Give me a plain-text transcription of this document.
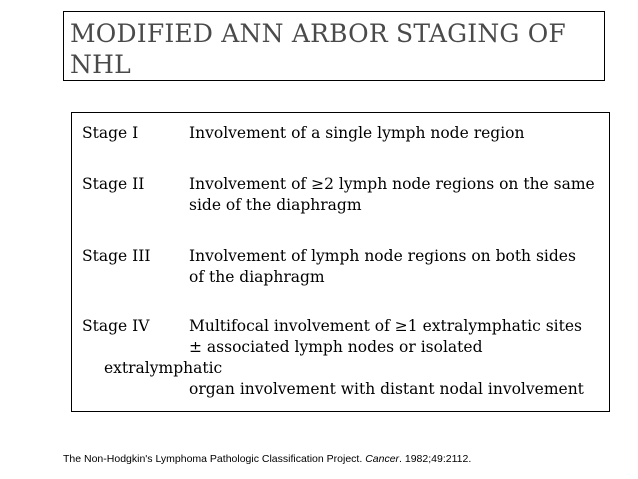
MODIFIED ANN ARBOR STAGING OF
NHL
Stage I	Involvement of a single lymph node region
Stage II	Involvement of ≥2 lymph node regions on the same
side of the diaphragm
Stage III Involvement of lymph node regions on both sides
of the diaphragm
Stage IV	Multifocal involvement of ≥1 extralymphatic sites
± associated lymph nodes or isolated
extralymphatic
organ involvement with distant nodal involvement
The Non-Hodgkin's Lymphoma Pathologic Classification Project. Cancer. 1982;49:2112.
